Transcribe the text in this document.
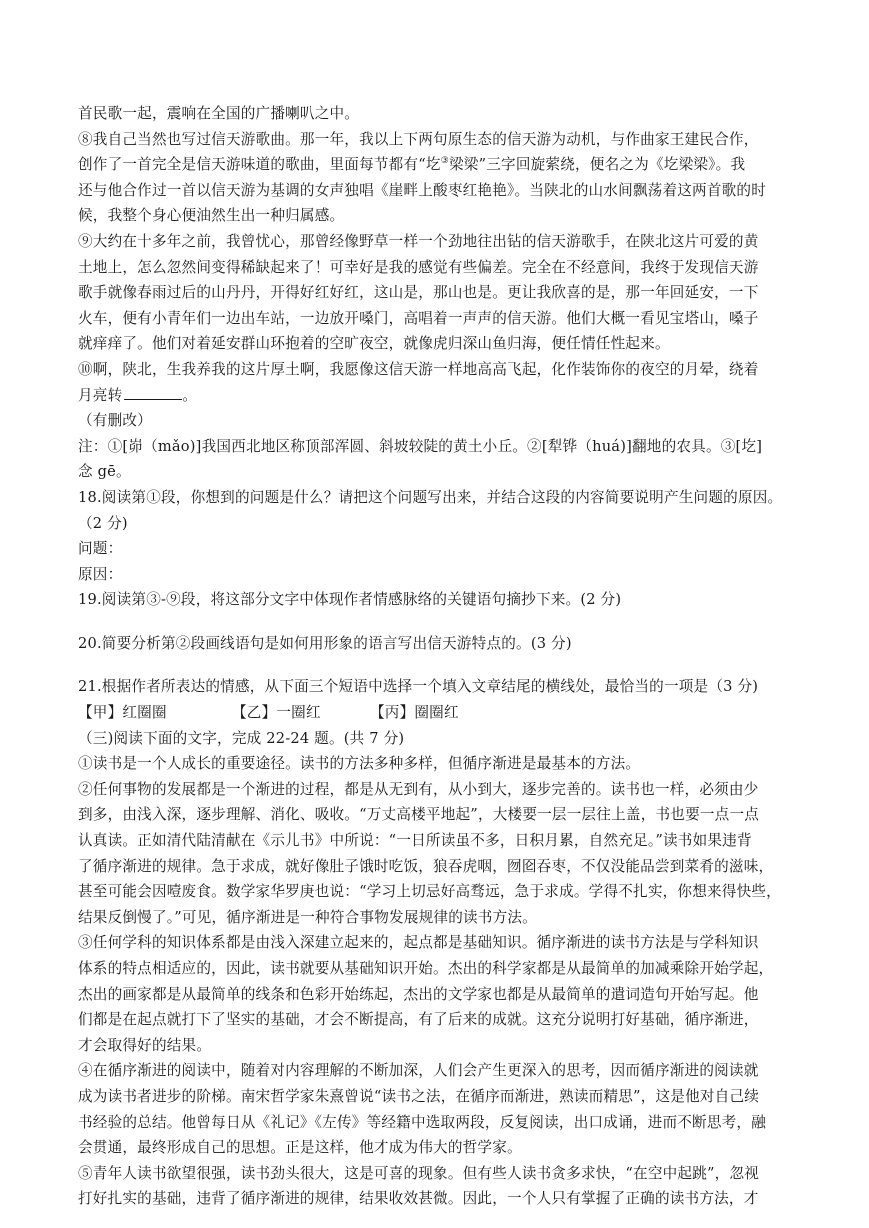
首民歌一起，震响在全国的广播喇叭之中。
⑧我自己当然也写过信天游歌曲。那一年，我以上下两句原生态的信天游为动机，与作曲家王建民合作，
创作了一首完全是信天游味道的歌曲，里面每节都有“圪③梁梁”三字回旋萦绕，便名之为《圪梁梁》。我
还与他合作过一首以信天游为基调的女声独唱《崖畔上酸枣红艳艳》。当陕北的山水间飘荡着这两首歌的时
候，我整个身心便油然生出一种归属感。
⑨大约在十多年之前，我曾忧心，那曾经像野草一样一个劲地往出钻的信天游歌手，在陕北这片可爱的黄
土地上，怎么忽然间变得稀缺起来了！可幸好是我的感觉有些偏差。完全在不经意间，我终于发现信天游
歌手就像春雨过后的山丹丹，开得好红好红，这山是，那山也是。更让我欣喜的是，那一年回延安，一下
火车，便有小青年们一边出车站，一边放开嗓门，高唱着一声声的信天游。他们大概一看见宝塔山，嗓子
就痒痒了。他们对着延安群山环抱着的空旷夜空，就像虎归深山鱼归海，便任情任性起来。
⑩啊，陕北，生我养我的这片厚土啊，我愿像这信天游一样地高高飞起，化作装饰你的夜空的月晕，绕着
月亮转	。
（有删改）
注：①[峁（mǎo)]我国西北地区称顶部浑圆、斜坡较陡的黄土小丘。②[犁铧（huá)]翻地的农具。③[圪]
念 gē。
18.阅读第①段，你想到的问题是什么？请把这个问题写出来，并结合这段的内容简要说明产生问题的原因。
（2 分)
问题：
原因：
19.阅读第③-⑨段，将这部分文字中体现作者情感脉络的关键语句摘抄下来。(2 分)
20.简要分析第②段画线语句是如何用形象的语言写出信天游特点的。(3 分)
21.根据作者所表达的情感，从下面三个短语中选择一个填入文章结尾的横线处，最恰当的一项是（3 分)
【甲】红圈圈	【乙】一圈红	【丙】圈圈红
（三)阅读下面的文字，完成 22-24 题。(共 7 分)
①读书是一个人成长的重要途径。读书的方法多种多样，但循序渐进是最基本的方法。
②任何事物的发展都是一个渐进的过程，都是从无到有，从小到大，逐步完善的。读书也一样，必须由少
到多，由浅入深，逐步理解、消化、吸收。“万丈高楼平地起”，大楼要一层一层往上盖，书也要一点一点
认真读。正如清代陆清献在《示儿书》中所说：“一日所读虽不多，日积月累，自然充足。”读书如果违背
了循序渐进的规律。急于求成，就好像肚子饿时吃饭，狼吞虎咽，囫囵吞枣，不仅没能品尝到菜肴的滋味，
甚至可能会因噎废食。数学家华罗庚也说：“学习上切忌好高骛远，急于求成。学得不扎实，你想来得快些，
结果反倒慢了。”可见，循序渐进是一种符合事物发展规律的读书方法。
③任何学科的知识体系都是由浅入深建立起来的，起点都是基础知识。循序渐进的读书方法是与学科知识
体系的特点相适应的，因此，读书就要从基础知识开始。杰出的科学家都是从最简单的加减乘除开始学起，
杰出的画家都是从最简单的线条和色彩开始练起，杰出的文学家也都是从最简单的遣词造句开始写起。他
们都是在起点就打下了坚实的基础，才会不断提高，有了后来的成就。这充分说明打好基础，循序渐进，
才会取得好的结果。
④在循序渐进的阅读中，随着对内容理解的不断加深，人们会产生更深入的思考，因而循序渐进的阅读就
成为读书者进步的阶梯。南宋哲学家朱熹曾说“读书之法，在循序而渐进，熟读而精思”，这是他对自己续
书经验的总结。他曾每日从《礼记》《左传》等经籍中选取两段，反复阅读，出口成诵，进而不断思考，融
会贯通，最终形成自己的思想。正是这样，他才成为伟大的哲学家。
⑤青年人读书欲望很强，读书劲头很大，这是可喜的现象。但有些人读书贪多求快，“在空中起跳”，忽视
打好扎实的基础，违背了循序渐进的规律，结果收效甚微。因此，一个人只有掌握了正确的读书方法，才
